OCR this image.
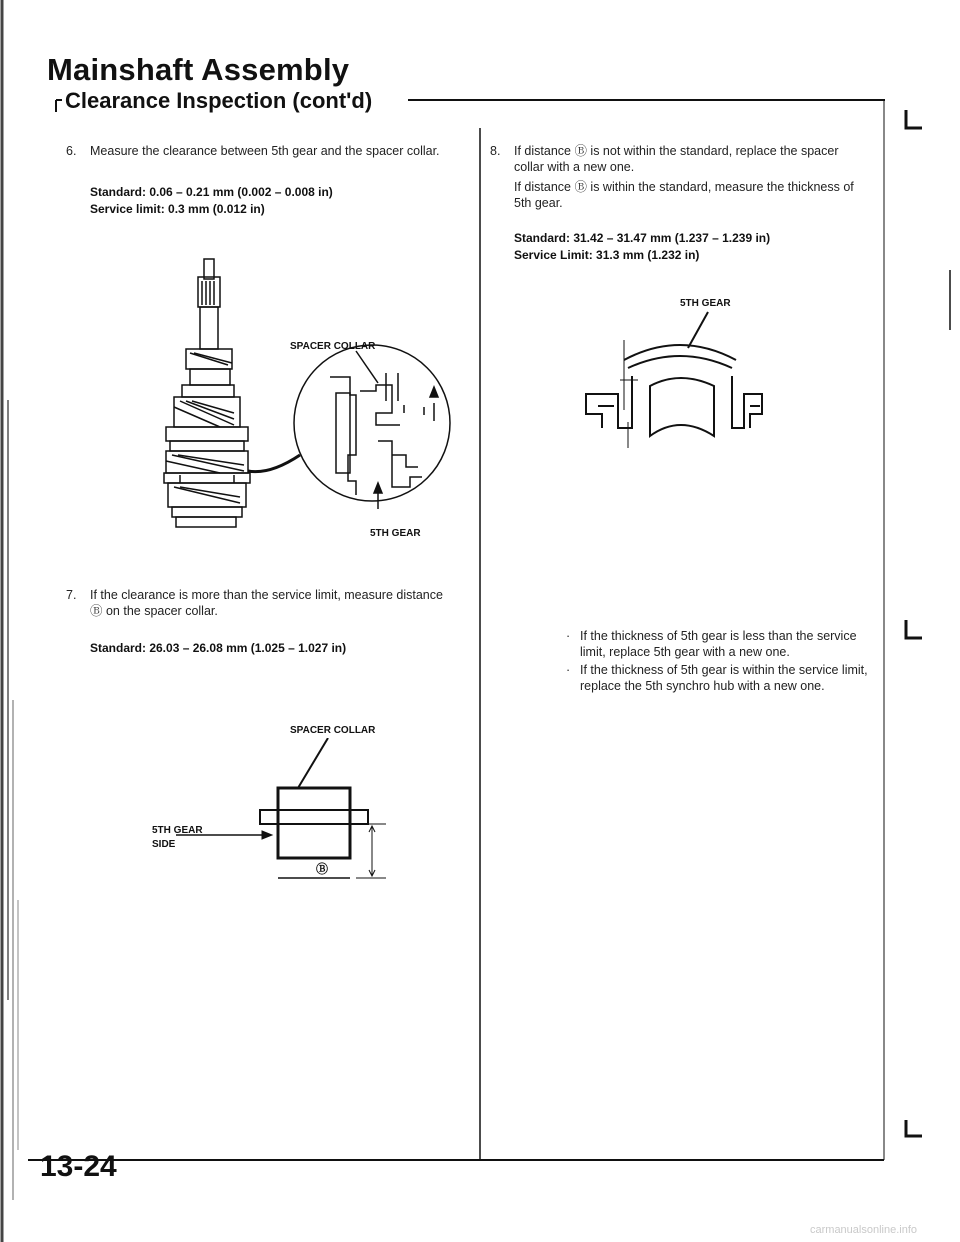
Mainshaft Assembly
Clearance Inspection (cont'd)
6. Measure the clearance between 5th gear and the spacer collar.
Standard: 0.06 – 0.21 mm (0.002 – 0.008 in)
Service limit: 0.3 mm (0.012 in)
SPACER COLLAR
5TH GEAR
7. If the clearance is more than the service limit, measure distance Ⓑ on the spacer collar.
Standard: 26.03 – 26.08 mm (1.025 – 1.027 in)
SPACER COLLAR
Ⓑ
5TH GEAR
SIDE
8. If distance Ⓑ is not within the standard, replace the spacer collar with a new one.
If distance Ⓑ is within the standard, measure the thickness of 5th gear.
Standard: 31.42 – 31.47 mm (1.237 – 1.239 in)
Service Limit: 31.3 mm (1.232 in)
5TH GEAR
· If the thickness of 5th gear is less than the service limit, replace 5th gear with a new one.
· If the thickness of 5th gear is within the service limit, replace the 5th synchro hub with a new one.
13-24
carmanualsonline.info
